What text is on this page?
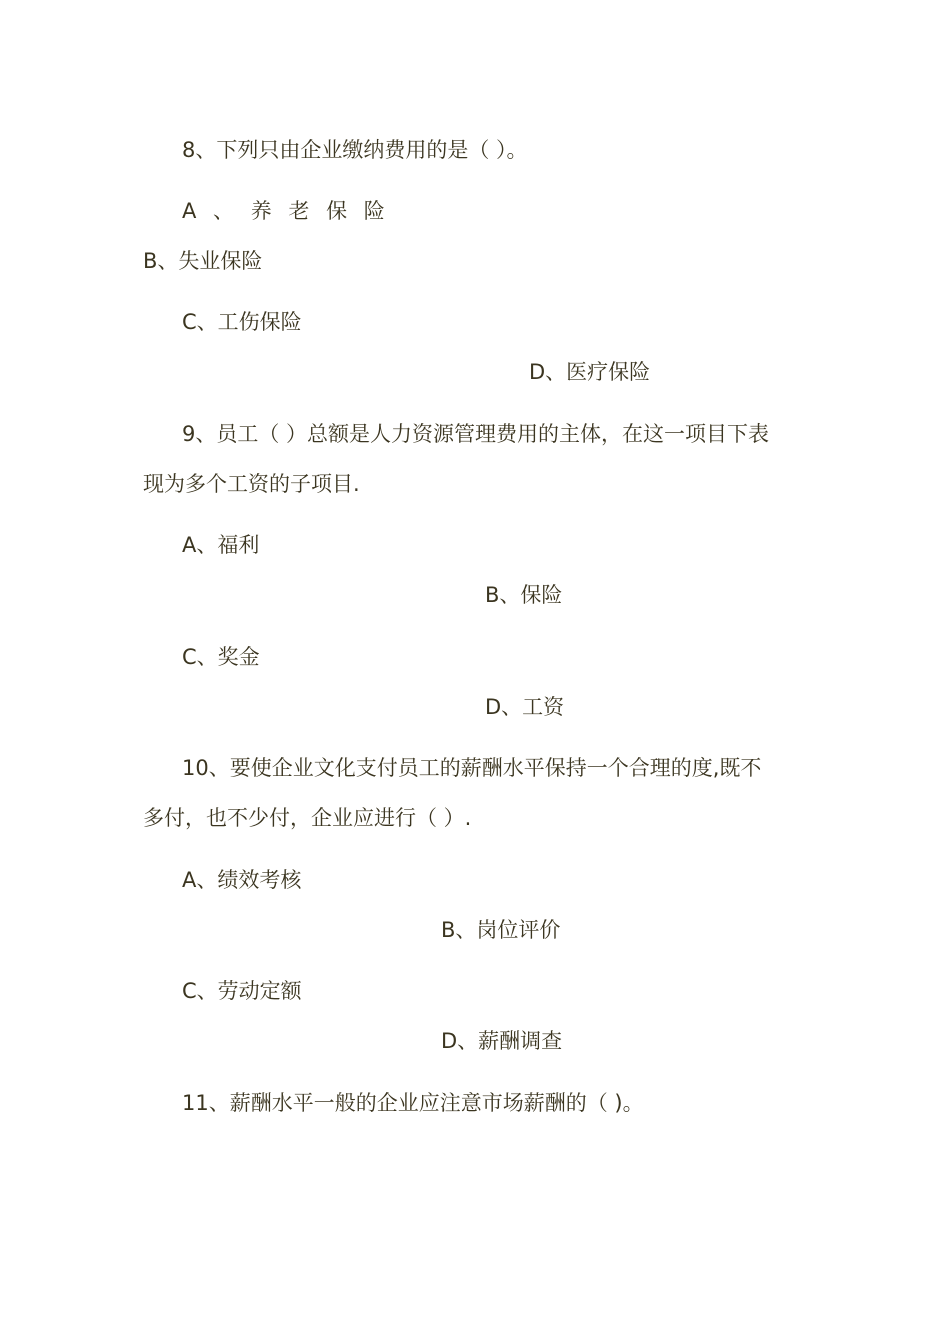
8、下列只由企业缴纳费用的是（ ）。

A 、 养 老 保 险

B、失业保险

C、工伤保险

D、医疗保险

9、员工（ ）总额是人力资源管理费用的主体，在这一项目下表

现为多个工资的子项目.

A、福利

B、保险

C、奖金

D、工资

10、要使企业文化支付员工的薪酬水平保持一个合理的度,既不

多付，也不少付，企业应进行（ ）.

A、绩效考核

B、岗位评价

C、劳动定额

D、薪酬调查

11、薪酬水平一般的企业应注意市场薪酬的（ )。
